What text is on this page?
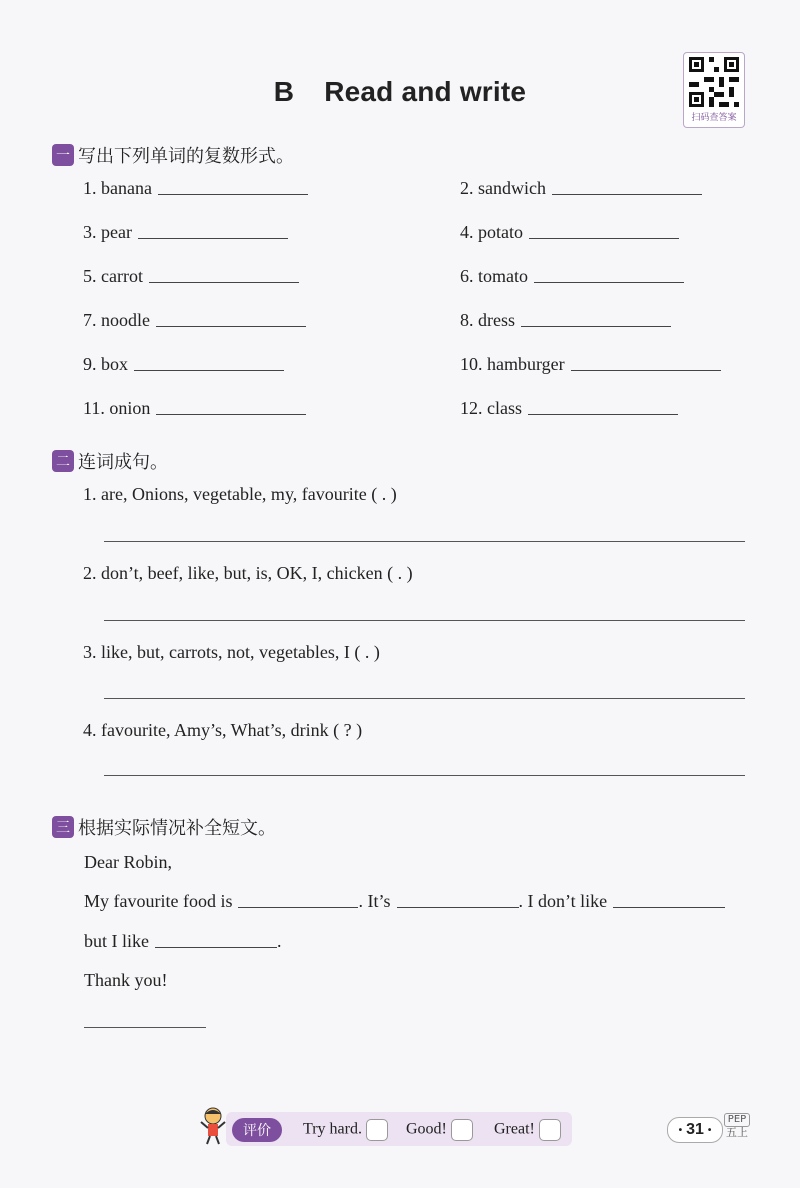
B Read and write
扫码查答案
一 写出下列单词的复数形式。
1. banana	2. sandwich
3. pear	4. potato
5. carrot	6. tomato
7. noodle	8. dress
9. box	10. hamburger
11. onion	12. class
二 连词成句。
1. are, Onions, vegetable, my, favourite ( . )
2. don’t, beef, like, but, is, OK, I, chicken ( . )
3. like, but, carrots, not, vegetables, I ( . )
4. favourite, Amy’s, What’s, drink ( ? )
三 根据实际情况补全短文。
Dear Robin,
My favourite food is	. It’s	. I don’t like
but I like	.
Thank you!
评价	Try hard.	Good!	Great!	• 31 •
PEP
五上
